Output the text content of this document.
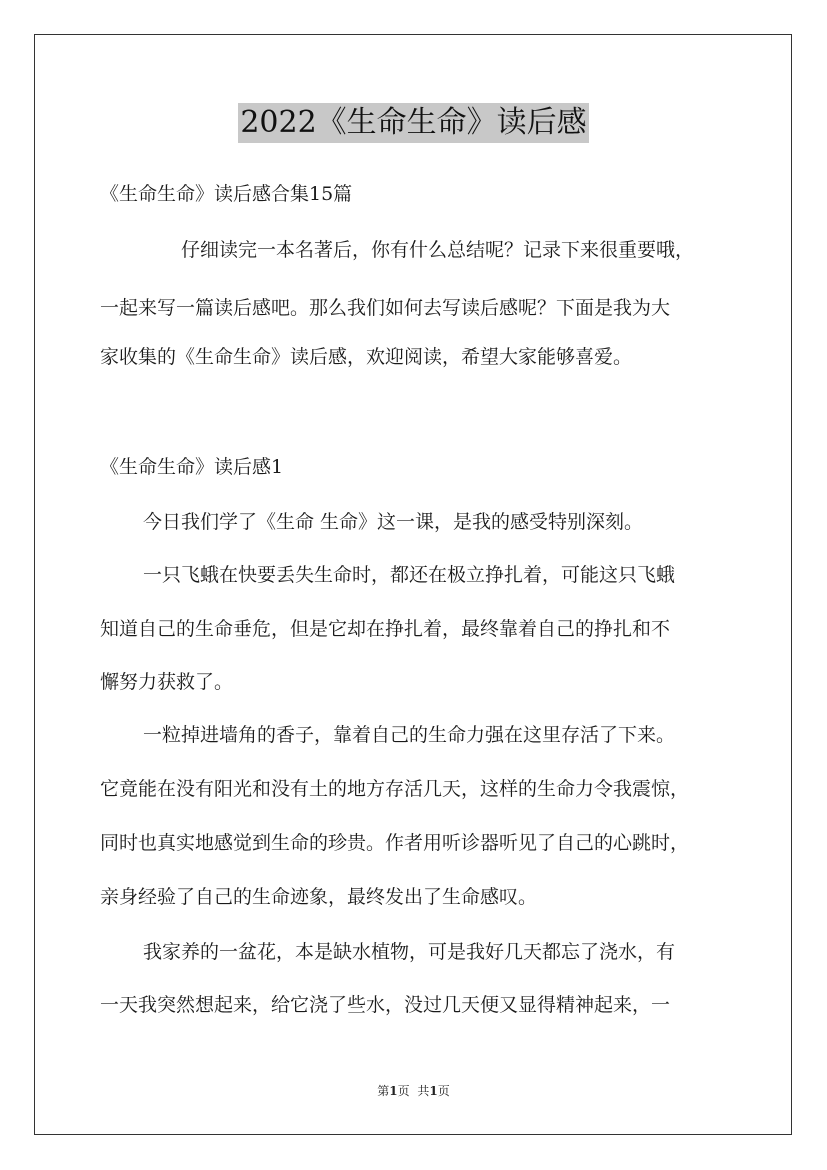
2022《生命生命》读后感
《生命生命》读后感合集15篇
仔细读完一本名著后，你有什么总结呢？记录下来很重要哦，
一起来写一篇读后感吧。那么我们如何去写读后感呢？下面是我为大
家收集的《生命生命》读后感，欢迎阅读，希望大家能够喜爱。
《生命生命》读后感1
今日我们学了《生命 生命》这一课，是我的感受特别深刻。
一只飞蛾在快要丢失生命时，都还在极立挣扎着，可能这只飞蛾
知道自己的生命垂危，但是它却在挣扎着，最终靠着自己的挣扎和不
懈努力获救了。
一粒掉进墙角的香子，靠着自己的生命力强在这里存活了下来。
它竟能在没有阳光和没有土的地方存活几天，这样的生命力令我震惊，
同时也真实地感觉到生命的珍贵。作者用听诊器听见了自己的心跳时，
亲身经验了自己的生命迹象，最终发出了生命感叹。
我家养的一盆花，本是缺水植物，可是我好几天都忘了浇水，有
一天我突然想起来，给它浇了些水，没过几天便又显得精神起来，一
第1页 共1页
